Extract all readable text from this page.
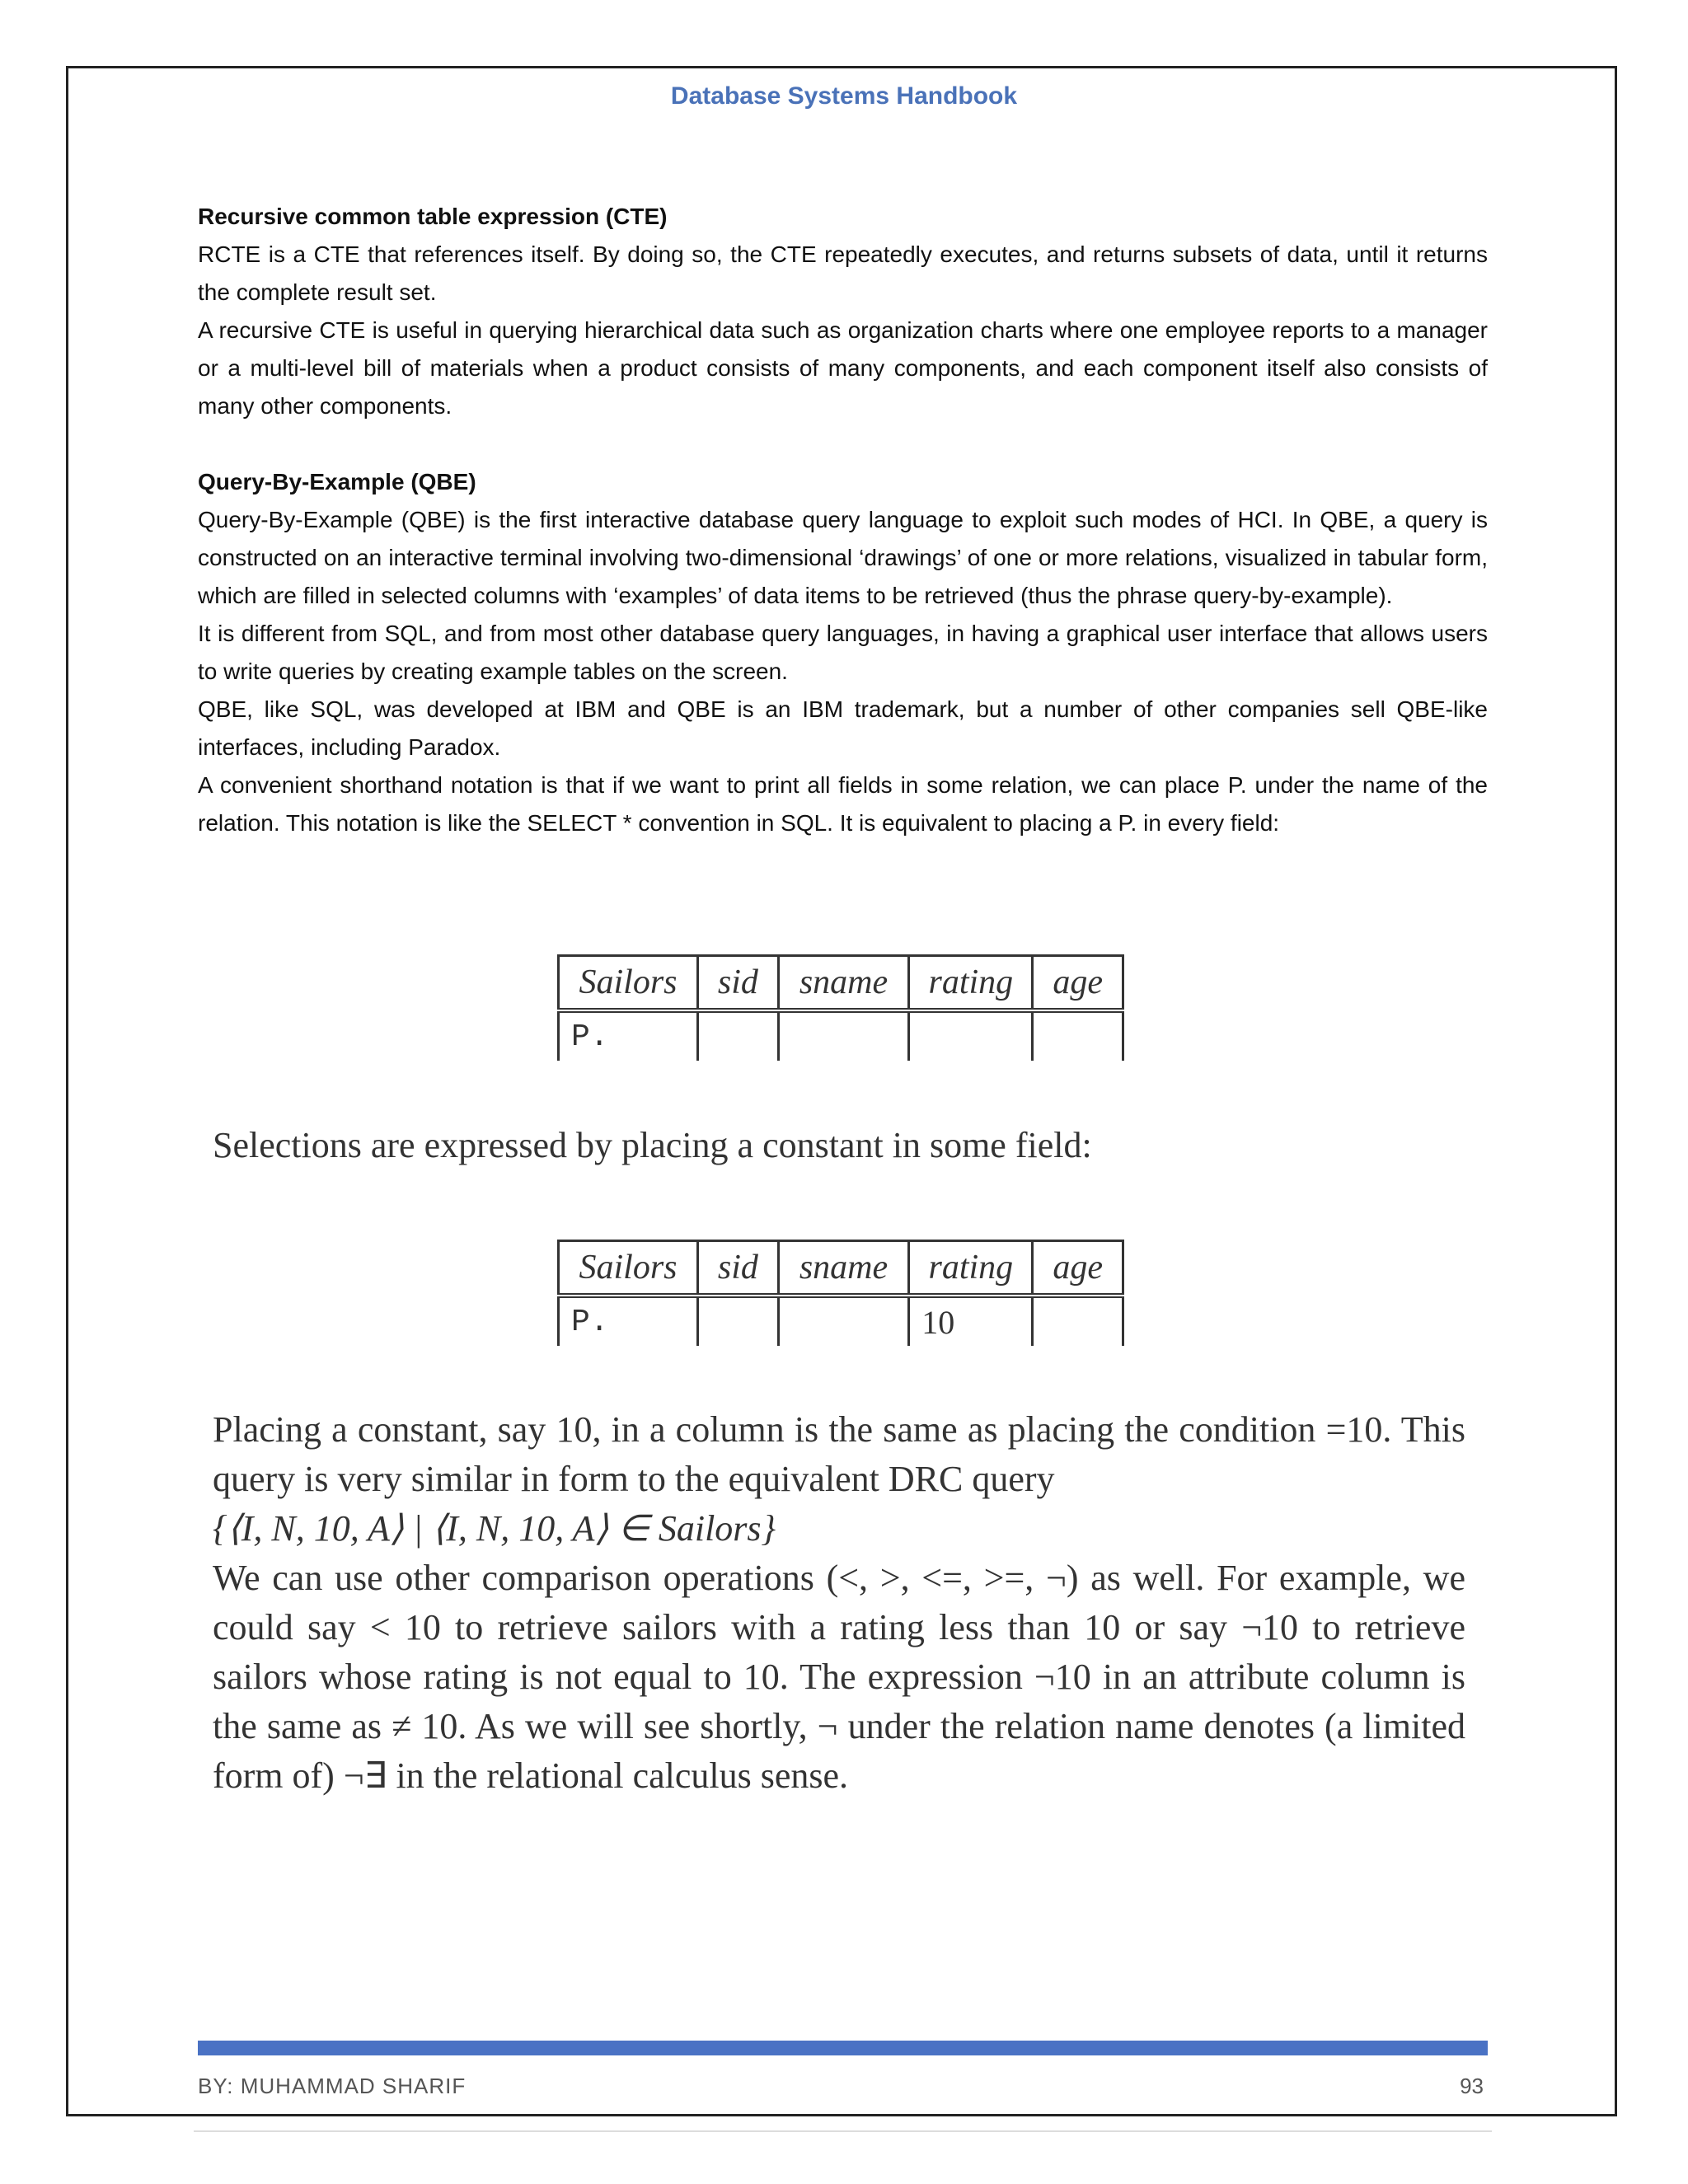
Database Systems Handbook

Recursive common table expression (CTE)

RCTE is a CTE that references itself. By doing so, the CTE repeatedly executes, and returns subsets of data, until it returns the complete result set.

A recursive CTE is useful in querying hierarchical data such as organization charts where one employee reports to a manager or a multi-level bill of materials when a product consists of many components, and each component itself also consists of many other components.

Query-By-Example (QBE)

Query-By-Example (QBE) is the first interactive database query language to exploit such modes of HCI. In QBE, a query is constructed on an interactive terminal involving two-dimensional ‘drawings’ of one or more relations, visualized in tabular form, which are filled in selected columns with ‘examples’ of data items to be retrieved (thus the phrase query-by-example).

It is different from SQL, and from most other database query languages, in having a graphical user interface that allows users to write queries by creating example tables on the screen.

QBE, like SQL, was developed at IBM and QBE is an IBM trademark, but a number of other companies sell QBE-like interfaces, including Paradox.

A convenient shorthand notation is that if we want to print all fields in some relation, we can place P. under the name of the relation. This notation is like the SELECT * convention in SQL. It is equivalent to placing a P. in every field:

Sailors	sid	sname	rating	age
P.				

Selections are expressed by placing a constant in some field:

Sailors	sid	sname	rating	age
P.			10	

Placing a constant, say 10, in a column is the same as placing the condition =10. This query is very similar in form to the equivalent DRC query

{⟨I, N, 10, A⟩ | ⟨I, N, 10, A⟩ ∈ Sailors}

We can use other comparison operations (<, >, <=, >=, ¬) as well. For example, we could say < 10 to retrieve sailors with a rating less than 10 or say ¬10 to retrieve sailors whose rating is not equal to 10. The expression ¬10 in an attribute column is the same as ≠ 10. As we will see shortly, ¬ under the relation name denotes (a limited form of) ¬∃ in the relational calculus sense.

BY: MUHAMMAD SHARIF	93
